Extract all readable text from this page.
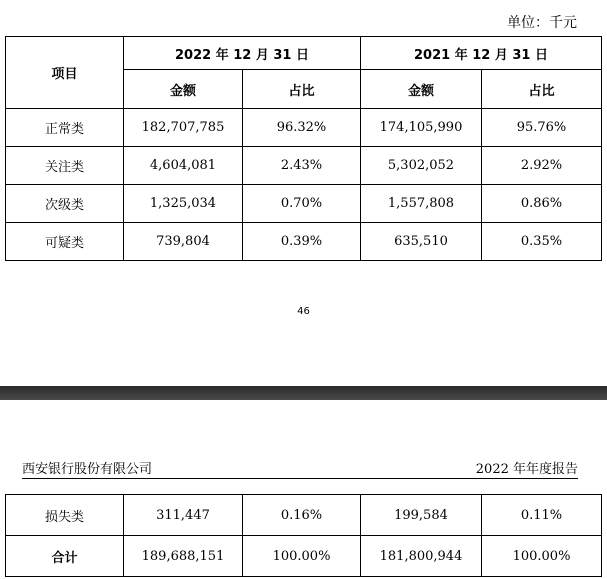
单位：千元
项目	2022 年 12 月 31 日		2021 年 12 月 31 日	
	金额	占比	金额	占比
正常类	182,707,785	96.32%	174,105,990	95.76%
关注类	4,604,081	2.43%	5,302,052	2.92%
次级类	1,325,034	0.70%	1,557,808	0.86%
可疑类	739,804	0.39%	635,510	0.35%
46
西安银行股份有限公司	2022 年年度报告
损失类	311,447	0.16%	199,584	0.11%
合计	189,688,151	100.00%	181,800,944	100.00%
